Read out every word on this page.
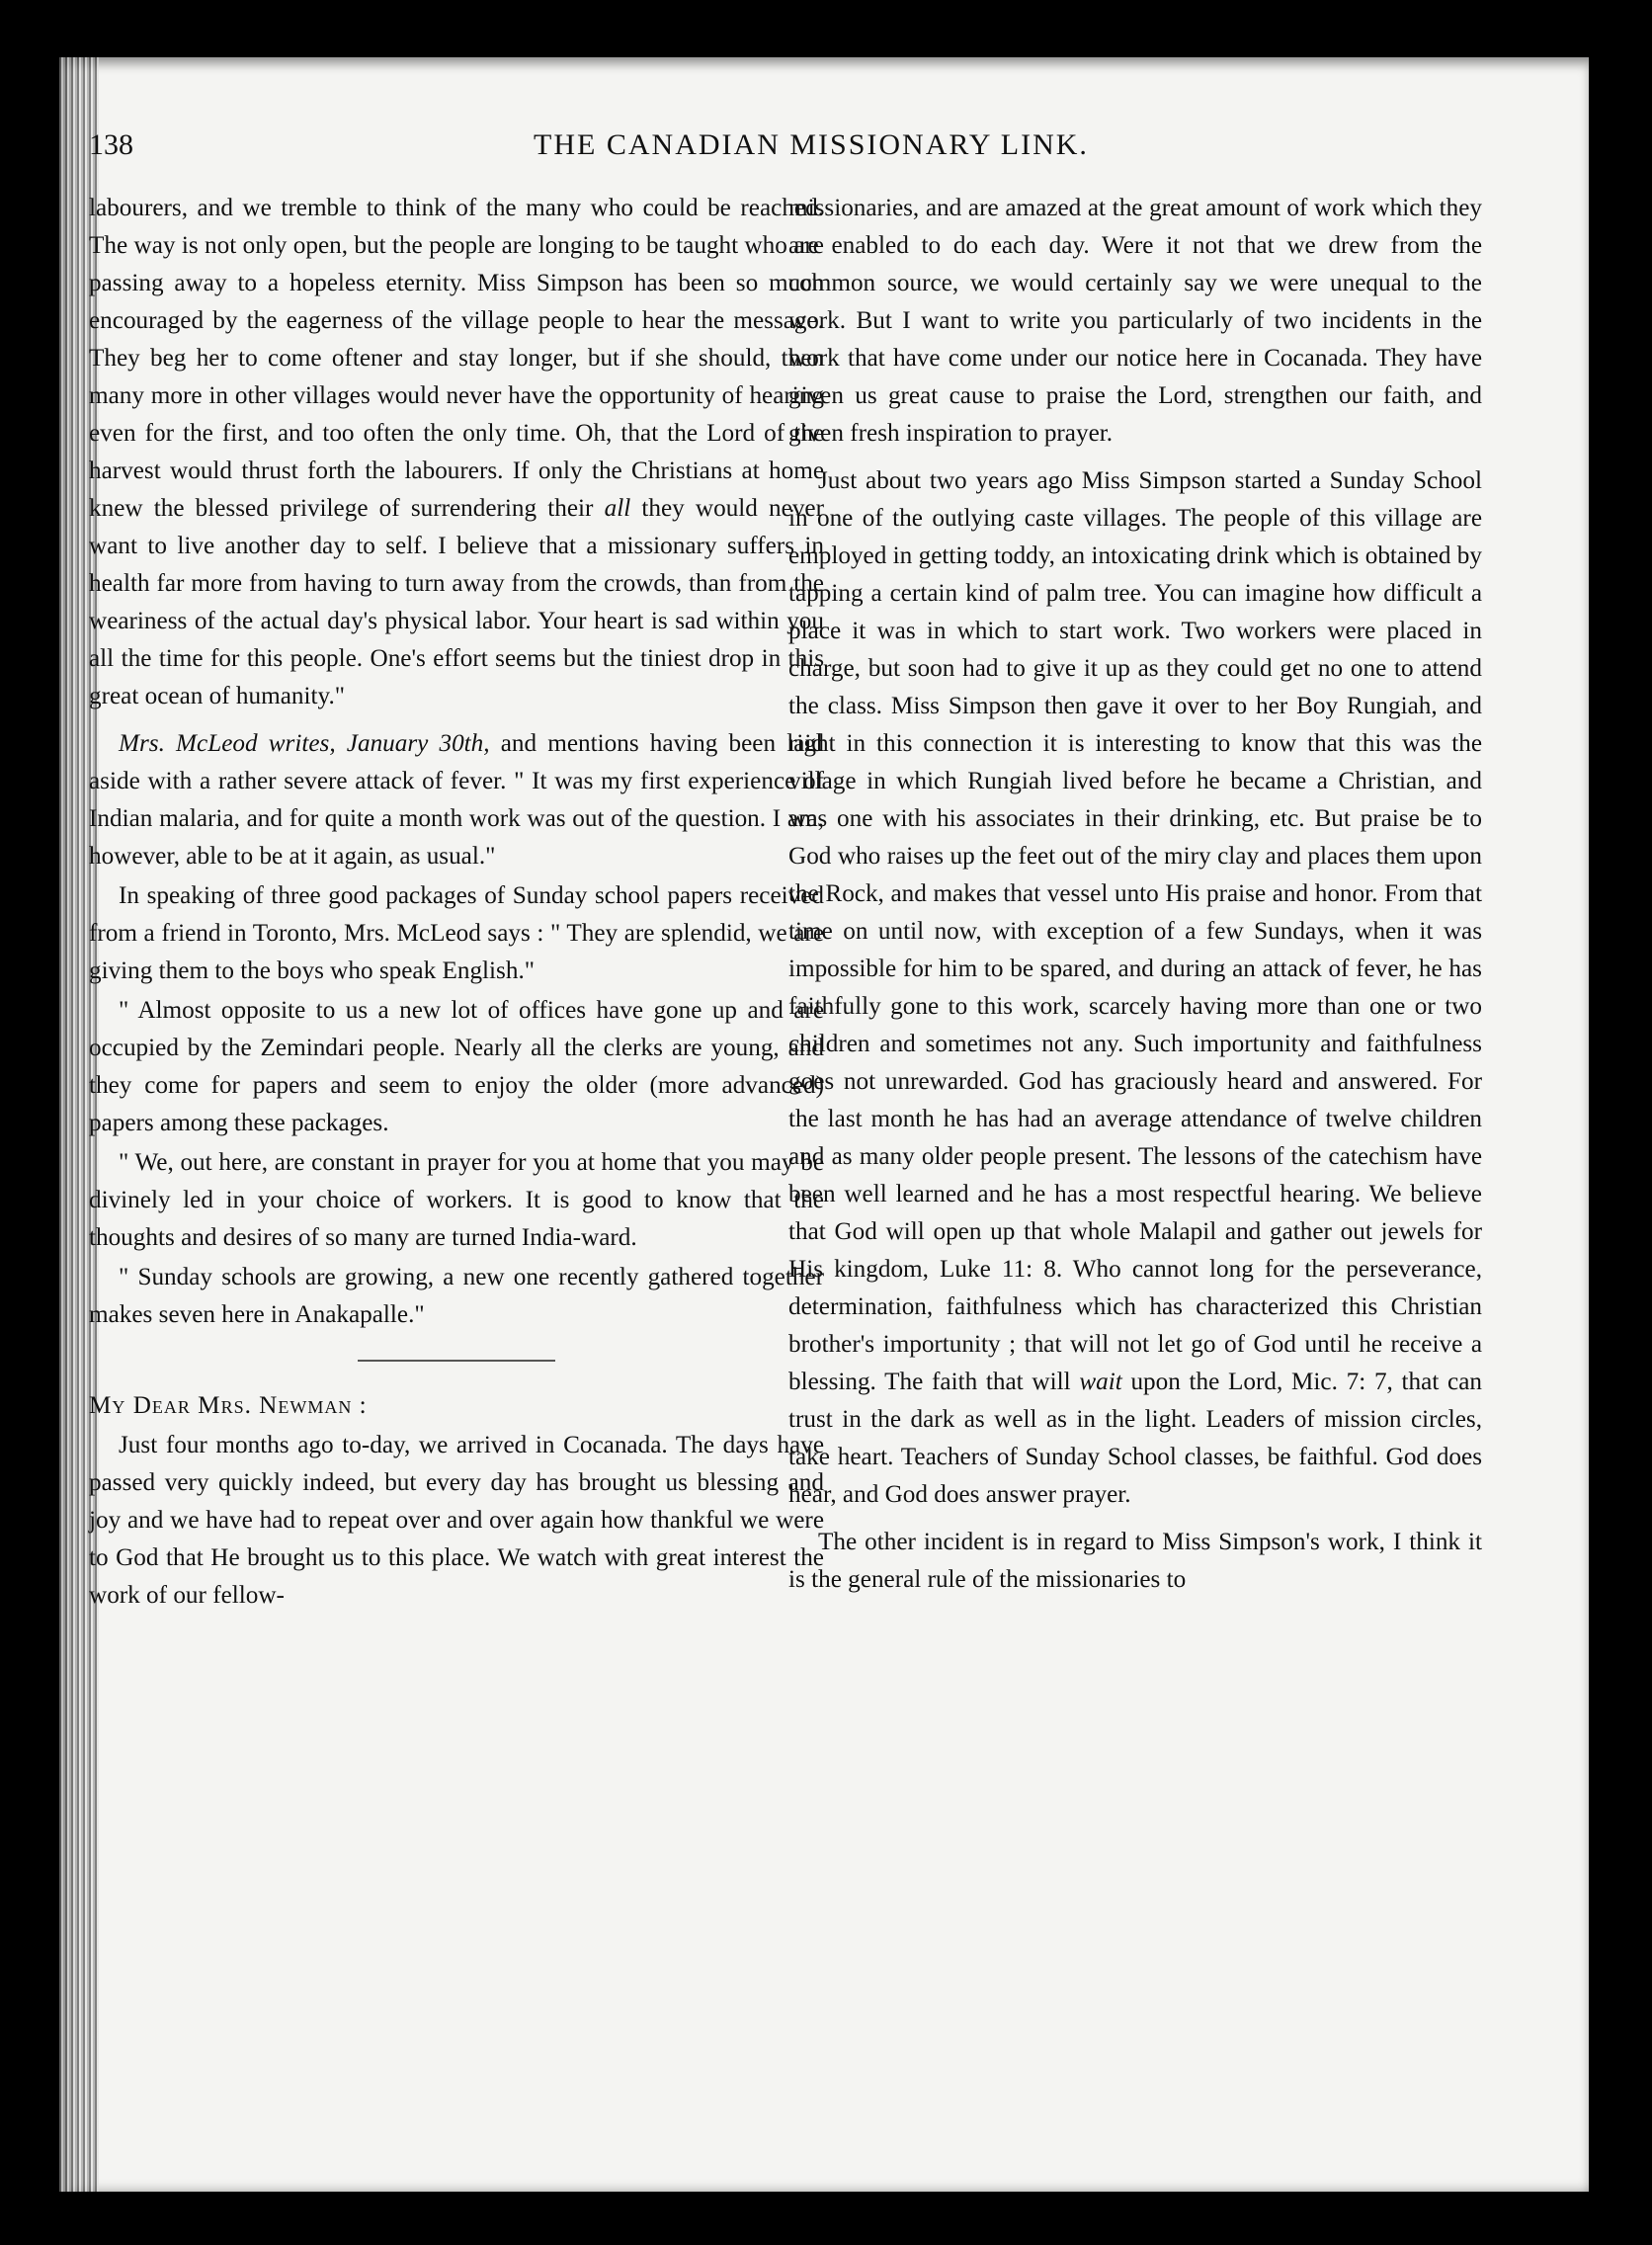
138	THE CANADIAN MISSIONARY LINK.

labourers, and we tremble to think of the many who could be reached. The way is not only open, but the people are longing to be taught who are passing away to a hopeless eternity. Miss Simpson has been so much encouraged by the eagerness of the village people to hear the message. They beg her to come oftener and stay longer, but if she should, then many more in other villages would never have the opportunity of hearing even for the first, and too often the only time. Oh, that the Lord of the harvest would thrust forth the labourers. If only the Christians at home knew the blessed privilege of surrendering their all they would never want to live another day to self. I believe that a missionary suffers in health far more from having to turn away from the crowds, than from the weariness of the actual day's physical labor. Your heart is sad within you all the time for this people. One's effort seems but the tiniest drop in this great ocean of humanity."

Mrs. McLeod writes, January 30th, and mentions having been laid aside with a rather severe attack of fever. " It was my first experience of Indian malaria, and for quite a month work was out of the question. I am, however, able to be at it again, as usual."

In speaking of three good packages of Sunday school papers received from a friend in Toronto, Mrs. McLeod says : " They are splendid, we are giving them to the boys who speak English."

" Almost opposite to us a new lot of offices have gone up and are occupied by the Zemindari people. Nearly all the clerks are young, and they come for papers and seem to enjoy the older (more advanced) papers among these packages.

" We, out here, are constant in prayer for you at home that you may be divinely led in your choice of workers. It is good to know that the thoughts and desires of so many are turned India-ward.

" Sunday schools are growing, a new one recently gathered together makes seven here in Anakapalle."

My Dear Mrs. Newman :

Just four months ago to-day, we arrived in Cocanada. The days have passed very quickly indeed, but every day has brought us blessing and joy and we have had to repeat over and over again how thankful we were to God that He brought us to this place. We watch with great interest the work of our fellow-

missionaries, and are amazed at the great amount of work which they are enabled to do each day. Were it not that we drew from the common source, we would certainly say we were unequal to the work. But I want to write you particularly of two incidents in the work that have come under our notice here in Cocanada. They have given us great cause to praise the Lord, strengthen our faith, and given fresh inspiration to prayer.

Just about two years ago Miss Simpson started a Sunday School in one of the outlying caste villages. The people of this village are employed in getting toddy, an intoxicating drink which is obtained by tapping a certain kind of palm tree. You can imagine how difficult a place it was in which to start work. Two workers were placed in charge, but soon had to give it up as they could get no one to attend the class. Miss Simpson then gave it over to her Boy Rungiah, and right in this connection it is interesting to know that this was the village in which Rungiah lived before he became a Christian, and was one with his associates in their drinking, etc. But praise be to God who raises up the feet out of the miry clay and places them upon the Rock, and makes that vessel unto His praise and honor. From that time on until now, with exception of a few Sundays, when it was impossible for him to be spared, and during an attack of fever, he has faithfully gone to this work, scarcely having more than one or two children and sometimes not any. Such importunity and faithfulness goes not unrewarded. God has graciously heard and answered. For the last month he has had an average attendance of twelve children and as many older people present. The lessons of the catechism have been well learned and he has a most respectful hearing. We believe that God will open up that whole Malapil and gather out jewels for His kingdom, Luke 11: 8. Who cannot long for the perseverance, determination, faithfulness which has characterized this Christian brother's importunity ; that will not let go of God until he receive a blessing. The faith that will wait upon the Lord, Mic. 7: 7, that can trust in the dark as well as in the light. Leaders of mission circles, take heart. Teachers of Sunday School classes, be faithful. God does hear, and God does answer prayer.

The other incident is in regard to Miss Simpson's work, I think it is the general rule of the missionaries to
